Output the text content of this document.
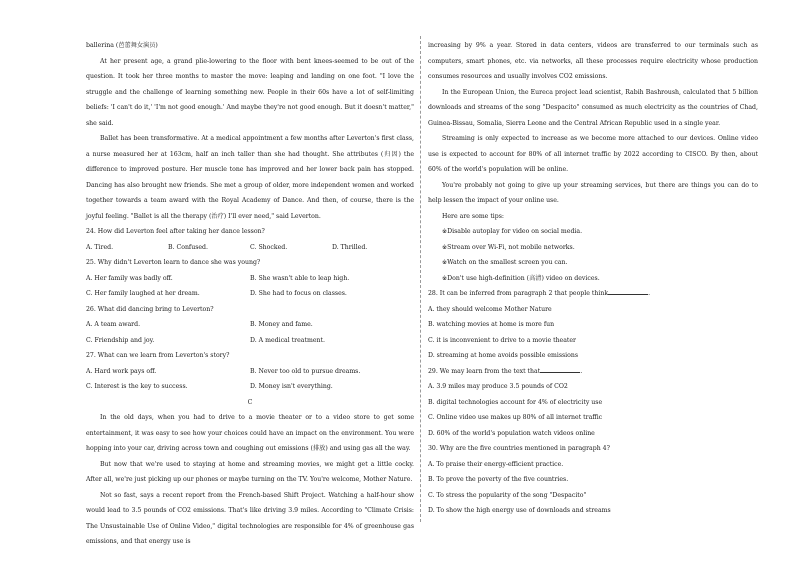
ballerina (芭蕾舞女演员)

At her present age, a grand plie-lowering to the floor with bent knees-seemed to be out of the question. It took her three months to master the move: leaping and landing on one foot. "I love the struggle and the challenge of learning something new. People in their 60s have a lot of self-limiting beliefs: 'I can't do it,' 'I'm not good enough.' And maybe they're not good enough. But it doesn't matter," she said.

Ballet has been transformative. At a medical appointment a few months after Leverton's first class, a nurse measured her at 163cm, half an inch taller than she had thought. She attributes (归因) the difference to improved posture. Her muscle tone has improved and her lower back pain has stopped. Dancing has also brought new friends. She met a group of older, more independent women and worked together towards a team award with the Royal Academy of Dance. And then, of course, there is the joyful feeling. "Ballet is all the therapy (治疗) I'll ever need," said Leverton.

24. How did Leverton feel after taking her dance lesson?

A. Tired.	B. Confused.	C. Shocked.	D. Thrilled.

25. Why didn't Leverton learn to dance she was young?

A. Her family was badly off.	B. She wasn't able to leap high.
C. Her family laughed at her dream.	D. She had to focus on classes.

26. What did dancing bring to Leverton?

A. A team award.	B. Money and fame.
C. Friendship and joy.	D. A medical treatment.

27. What can we learn from Leverton's story?

A. Hard work pays off.	B. Never too old to pursue dreams.
C. Interest is the key to success.	D. Money isn't everything.

C

In the old days, when you had to drive to a movie theater or to a video store to get some entertainment, it was easy to see how your choices could have an impact on the environment. You were hopping into your car, driving across town and coughing out emissions (排放) and using gas all the way.

But now that we're used to staying at home and streaming movies, we might get a little cocky. After all, we're just picking up our phones or maybe turning on the TV. You're welcome, Mother Nature.

Not so fast, says a recent report from the French-based Shift Project. Watching a half-hour show would lead to 3.5 pounds of CO2 emissions. That's like driving 3.9 miles. According to "Climate Crisis: The Unsustainable Use of Online Video," digital technologies are responsible for 4% of greenhouse gas emissions, and that energy use is

increasing by 9% a year. Stored in data centers, videos are transferred to our terminals such as computers, smart phones, etc. via networks, all these processes require electricity whose production consumes resources and usually involves CO2 emissions.

In the European Union, the Eureca project lead scientist, Rabih Bashroush, calculated that 5 billion downloads and streams of the song "Despacito" consumed as much electricity as the countries of Chad, Guinea-Bissau, Somalia, Sierra Leone and the Central African Republic used in a single year.

Streaming is only expected to increase as we become more attached to our devices. Online video use is expected to account for 80% of all internet traffic by 2022 according to CISCO. By then, about 60% of the world's population will be online.

You're probably not going to give up your streaming services, but there are things you can do to help lessen the impact of your online use.

Here are some tips:

※Disable autoplay for video on social media.

※Stream over Wi-Fi, not mobile networks.

※Watch on the smallest screen you can.

※Don't use high-definition (高清) video on devices.

28. It can be inferred from paragraph 2 that people think	.

A. they should welcome Mother Nature

B. watching movies at home is more fun

C. it is inconvenient to drive to a movie theater

D. streaming at home avoids possible emissions

29. We may learn from the text that	.

A. 3.9 miles may produce 3.5 pounds of CO2

B. digital technologies account for 4% of electricity use

C. Online video use makes up 80% of all internet traffic

D. 60% of the world's population watch videos online

30. Why are the five countries mentioned in paragraph 4?

A. To praise their energy-efficient practice.

B. To prove the poverty of the five countries.

C. To stress the popularity of the song "Despacito"

D. To show the high energy use of downloads and streams
